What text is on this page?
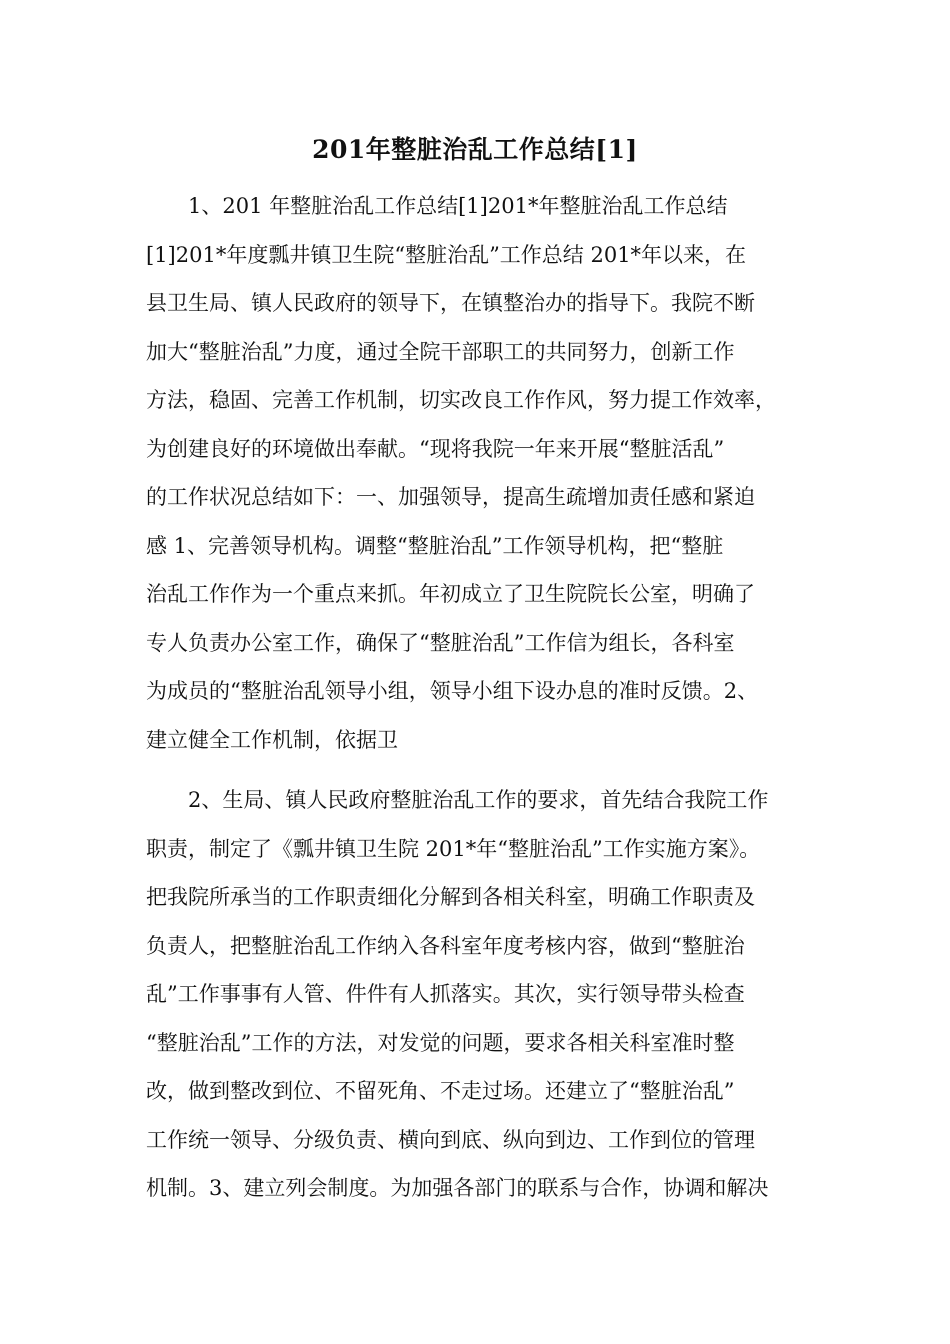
201年整脏治乱工作总结[1]
1、201 年整脏治乱工作总结[1]201*年整脏治乱工作总结
[1]201*年度瓢井镇卫生院“整脏治乱”工作总结 201*年以来，在
县卫生局、镇人民政府的领导下，在镇整治办的指导下。我院不断
加大“整脏治乱”力度，通过全院干部职工的共同努力，创新工作
方法，稳固、完善工作机制，切实改良工作作风，努力提工作效率，
为创建良好的环境做出奉献。“现将我院一年来开展“整脏活乱”
的工作状况总结如下：一、加强领导，提高生疏增加责任感和紧迫
感 1、完善领导机构。调整“整脏治乱”工作领导机构，把“整脏
治乱工作作为一个重点来抓。年初成立了卫生院院长公室，明确了
专人负责办公室工作，确保了“整脏治乱”工作信为组长，各科室
为成员的“整脏治乱领导小组，领导小组下设办息的准时反馈。2、
建立健全工作机制，依据卫
2、生局、镇人民政府整脏治乱工作的要求，首先结合我院工作
职责，制定了《瓢井镇卫生院 201*年“整脏治乱”工作实施方案》。
把我院所承当的工作职责细化分解到各相关科室，明确工作职责及
负责人，把整脏治乱工作纳入各科室年度考核内容，做到“整脏治
乱”工作事事有人管、件件有人抓落实。其次，实行领导带头检查
“整脏治乱”工作的方法，对发觉的问题，要求各相关科室准时整
改，做到整改到位、不留死角、不走过场。还建立了“整脏治乱”
工作统一领导、分级负责、横向到底、纵向到边、工作到位的管理
机制。3、建立列会制度。为加强各部门的联系与合作，协调和解决
